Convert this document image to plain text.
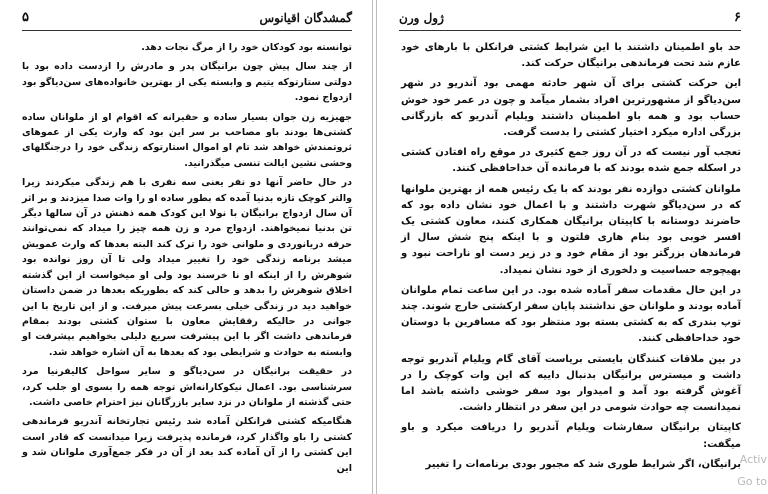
۵	گمشدگان اقیانوس

توانسته بود کودکان خود را از مرگ نجات دهد.

از چند سال پیش چون برانیگان پدر و مادرش را ازدست داده بود با دولتی ستارتوکه یتیم و وابسته یکی از بهترین خانواده‌های سن‌دیاگو بود ازدواج نمود.

جهیزیه زن جوان بسیار ساده و حقیرانه که اقوام او از ملوانان ساده کشتی‌ها بودند باو مصاحب بر سر این بود که وارث یکی از عموهای ثروتمندش خواهد شد تام او اموال استارتوکه زندگی خود را درجنگلهای وحشی نشین ایالت تنسی میگذرانید.

در حال حاضر آنها دو نفر یعنی سه نفری با هم زندگی میکردند زیرا والتر کوچک تازه بدنیا آمده که بطور ساده او را وات صدا میزدند و بر اثر آن سال ازدواج برانیگان با نولا این کودک همه ذهنش در آن سالها دیگر تن بدنیا نمیخواهند. ازدواج مرد و زن همه چیز را میداد که نمی‌توانند حرفه دریانوردی و ملوانی خود را ترک کند البته بعدها که وارث عمویش میشد برنامه زندگی خود را تغییر میداد ولی تا آن روز نوانده بود شوهرش را از اینکه او نا خرسند بود ولی او میخواست از این گذشته اخلاق شوهرش را بدهد و حالی کند که بطوریکه بعدها در ضمن داستان خواهید دید در زندگی خیلی بسرعت پیش میرفت. و از این تاریخ با این جوانی در حالیکه رفقایش معاون با ستوان کشتی بودند بمقام فرماندهی داشت اگر با این پیشرفت سریع دلیلی بخواهیم بپشرفت او وابسته به حوادث و شرایطی بود که بعدها به آن اشاره خواهد شد.

در حقیقت برانیگان در سن‌دیاگو و سایر سواحل کالیفرنیا مرد سرشناسی بود. اعمال نیکوکارانه‌اش توجه همه را بسوی او جلب کرد، حتی گذشته از ملوانان در نزد سایر بازرگانان نیز احترام خاصی داشت.

هنگامیکه کشتی فرانکلن آماده شد رئیس تجارتخانه آندریو فرماندهی کشتی را باو واگذار کرد، فرمانده پذیرفت زیرا میدانست که قادر است این کشتی را از آن آماده کند بعد از آن در فکر جمع‌آوری ملوانان شد و این

۶
ژول ورن

حد باو اطمینان داشتند با این شرایط کشتی فرانکلن با بارهای خود عازم شد تحت فرماندهی برانیگان حرکت کند.

این حرکت کشتی برای آن شهر حادثه مهمی بود آندریو در شهر سن‌دیاگو از مشهورترین افراد بشمار میآمد و چون در عمر خود خوش حساب بود و همه باو اطمینان داشتند ویلیام آندریو که بازرگانی بزرگی اداره میکرد اختیار کشتی را بدست گرفت.

تعجب آور نیست که در آن روز جمع کثیری در موقع راه افتادن کشتی در اسکله جمع شده بودند که با فرمانده آن خداحافظی کنند.

ملوانان کشتی دوازده نفر بودند که با یک رئیس همه از بهترین ملوانها که در سن‌دیاگو شهرت داشتند و با اعمال خود نشان داده بود که حاضرند دوستانه با کاپیتان برانیگان همکاری کنند، معاون کشتی یک افسر خوبی بود بنام هاری فلتون و با اینکه پنج شش سال از فرماندهان بزرگتر بود از مقام خود و در زیر دست او ناراحت نبود و بهیچوجه حساسیت و دلخوری از خود نشان نمیداد.

در این حال مقدمات سفر آماده شده بود. در این ساعت تمام ملوانان آماده بودند و ملوانان حق نداشتند پایان سفر ارکشتی خارج شوند. چند توپ بندری که به کشتی بسته بود منتظر بود که مسافرین با دوستان خود خداحافظی کنند.

در بین ملاقات کنندگان بایستی بریاست آقای گام ویلیام آندریو توجه داشت و میسترس برانیگان بدنبال داییه که این وات کوچک را در آغوش گرفته بود آمد و امیدوار بود سفر خوشی داشته باشد اما نمیدانست چه حوادث شومی در این سفر در انتظار داشت.

کاپیتان برانیگان سفارشات ویلیام آندریو را دریافت میکرد و باو میگفت:

برانیگان، اگر شرایط طوری شد که مجبور بودی برنامه‌ات را تغییر

Activ
Go to
